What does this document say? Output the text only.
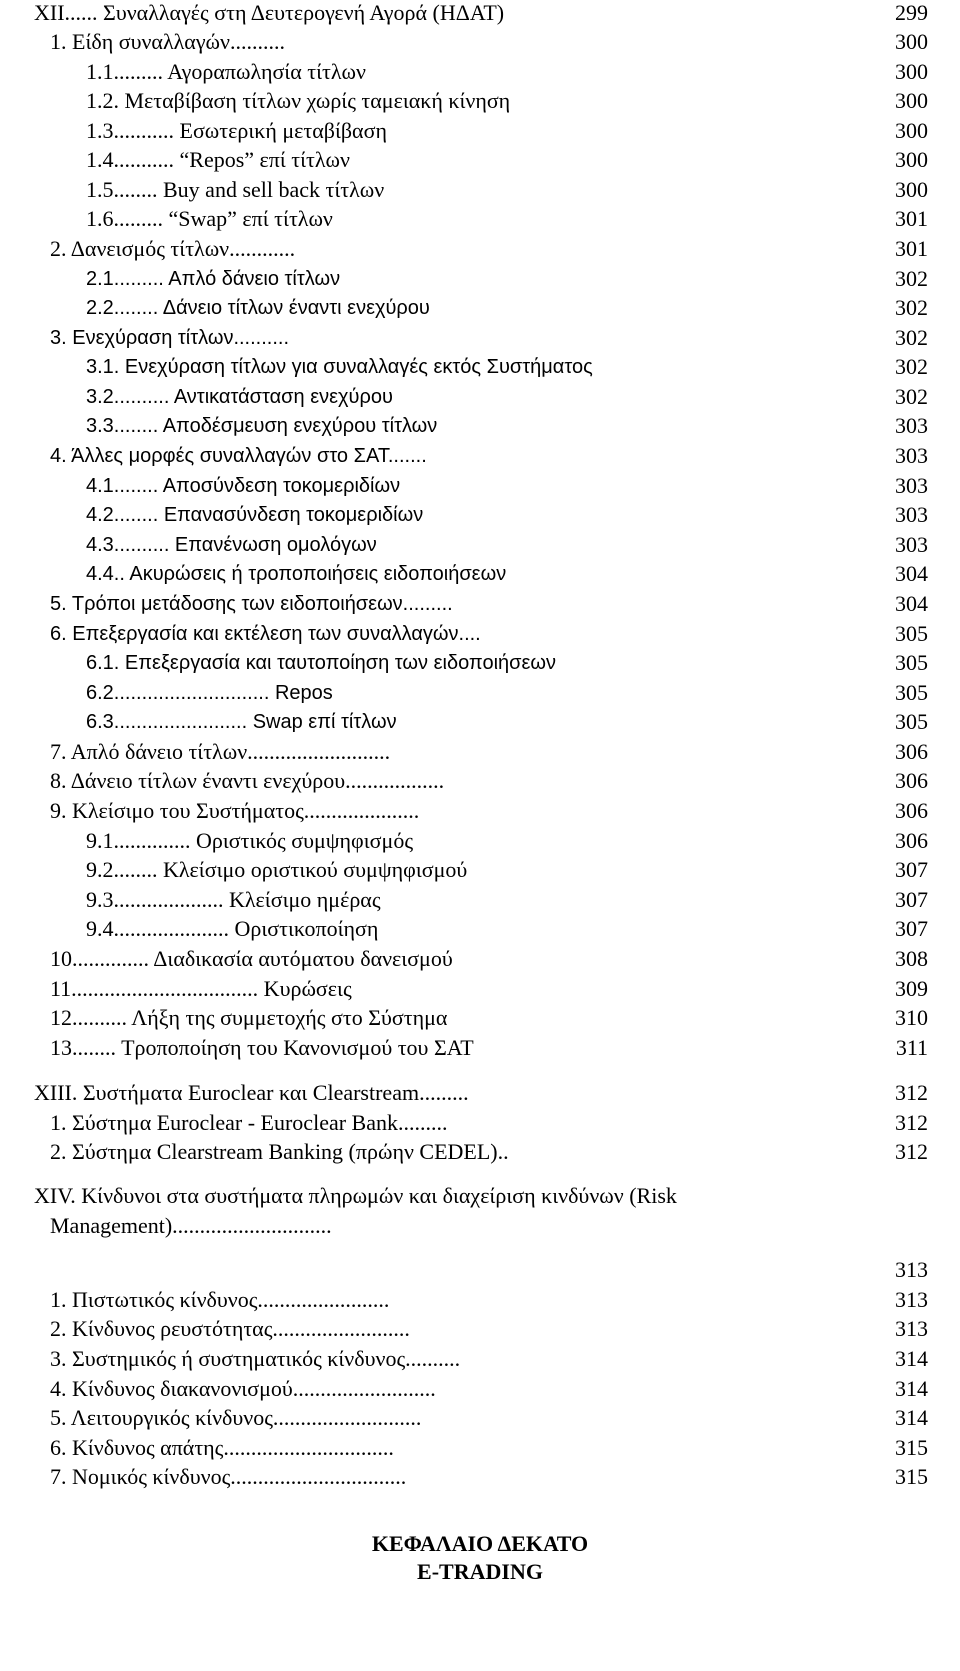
XII...... Συναλλαγές στη Δευτερογενή Αγορά (ΗΔΑΤ)	299
1. Είδη συναλλαγών..........	300
1.1......... Αγοραπωλησία τίτλων	300
1.2. Μεταβίβαση τίτλων χωρίς ταμειακή κίνηση	300
1.3........... Εσωτερική μεταβίβαση	300
1.4........... “Repos” επί τίτλων	300
1.5........ Buy and sell back τίτλων	300
1.6......... “Swap” επί τίτλων	301
2. Δανεισμός τίτλων............	301
2.1......... Απλό δάνειο τίτλων	302
2.2........ Δάνειο τίτλων έναντι ενεχύρου	302
3. Ενεχύραση τίτλων..........	302
3.1. Ενεχύραση τίτλων για συναλλαγές εκτός Συστήματος	302
3.2.......... Αντικατάσταση ενεχύρου	302
3.3........ Αποδέσμευση ενεχύρου τίτλων	303
4. Άλλες μορφές συναλλαγών στο ΣΑΤ.......	303
4.1........ Αποσύνδεση τοκομεριδίων	303
4.2........ Επανασύνδεση τοκομεριδίων	303
4.3.......... Επανένωση ομολόγων	303
4.4.. Ακυρώσεις ή τροποποιήσεις ειδοποιήσεων	304
5. Τρόποι μετάδοσης των ειδοποιήσεων.........	304
6. Επεξεργασία και εκτέλεση των συναλλαγών....	305
6.1. Επεξεργασία και ταυτοποίηση των ειδοποιήσεων	305
6.2............................ Repos	305
6.3........................ Swap επί τίτλων	305
7. Απλό δάνειο τίτλων..........................	306
8. Δάνειο τίτλων έναντι ενεχύρου..................	306
9. Κλείσιμο του Συστήματος.....................	306
9.1.............. Οριστικός συμψηφισμός	306
9.2........ Κλείσιμο οριστικού συμψηφισμού	307
9.3.................... Κλείσιμο ημέρας	307
9.4..................... Οριστικοποίηση	307
10.............. Διαδικασία αυτόματου δανεισμού	308
11.................................. Κυρώσεις	309
12.......... Λήξη της συμμετοχής στο Σύστημα	310
13........ Τροποποίηση του Κανονισμού του ΣΑΤ	311
XIII. Συστήματα Euroclear και Clearstream.........	312
1. Σύστημα Euroclear - Euroclear Bank.........	312
2. Σύστημα Clearstream Banking (πρώην CEDEL)..	312
XIV. Κίνδυνοι στα συστήματα πληρωμών και διαχείριση κινδύνων (Risk
Management).............................
313
1. Πιστωτικός κίνδυνος........................	313
2. Κίνδυνος ρευστότητας.........................	313
3. Συστημικός ή συστηματικός κίνδυνος..........	314
4. Κίνδυνος διακανονισμού..........................	314
5. Λειτουργικός κίνδυνος...........................	314
6. Κίνδυνος απάτης...............................	315
7. Νομικός κίνδυνος................................	315
ΚΕΦΑΛΑΙΟ ΔΕΚΑΤΟ
E-TRADING
